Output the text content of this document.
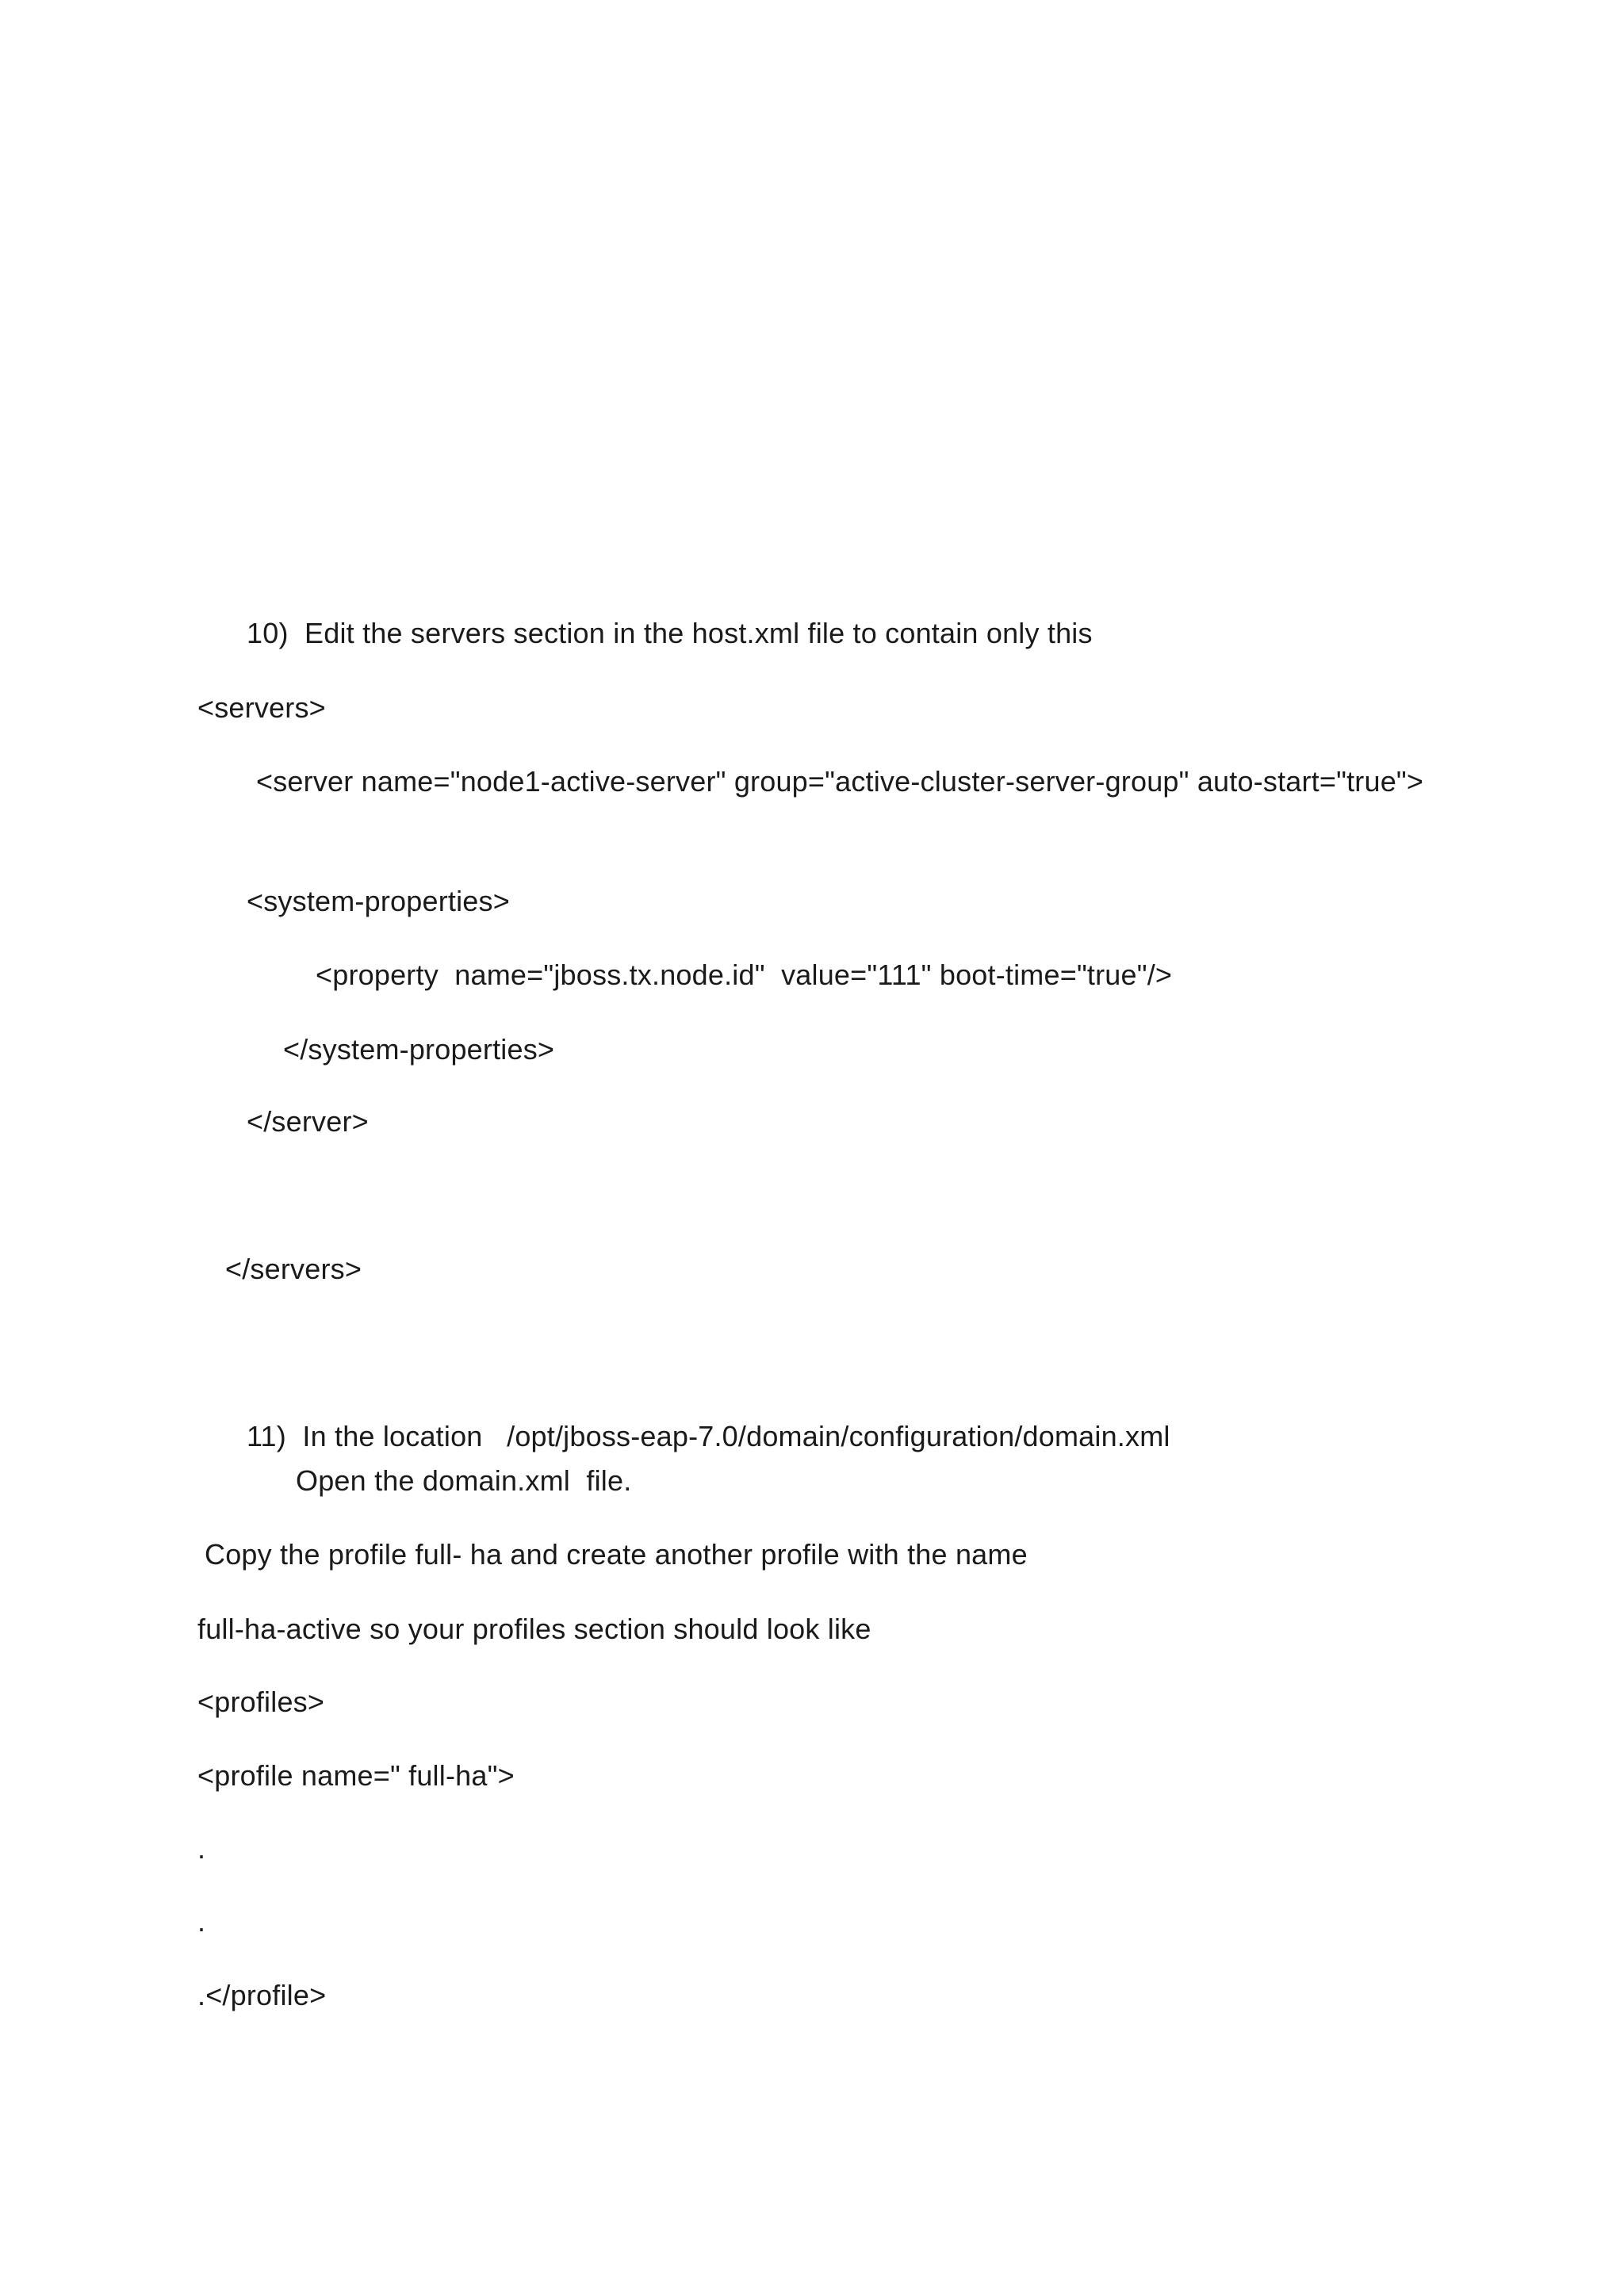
10)  Edit the servers section in the host.xml file to contain only this

<servers>

<server name="node1-active-server" group="active-cluster-server-group" auto-start="true">

<system-properties>

<property  name="jboss.tx.node.id"  value="111" boot-time="true"/>

</system-properties>

</server>

</servers>

11)  In the location   /opt/jboss-eap-7.0/domain/configuration/domain.xml

Open the domain.xml  file.

Copy the profile full- ha and create another profile with the name

full-ha-active so your profiles section should look like

<profiles>

<profile name=" full-ha">

.

.

.</profile>
